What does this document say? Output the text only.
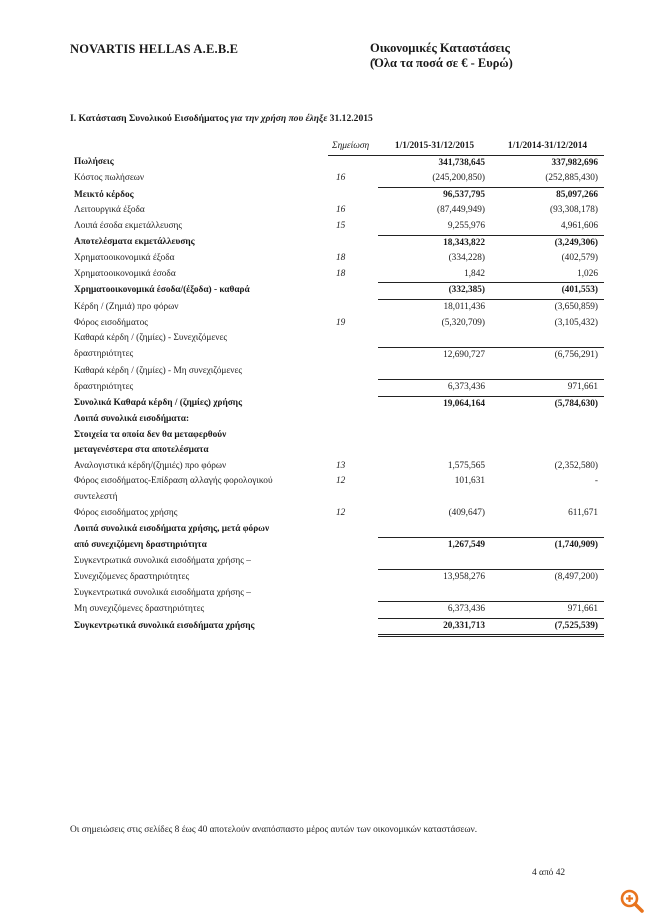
NOVARTIS HELLAS A.E.B.E	Οικονομικές Καταστάσεις
(Όλα τα ποσά σε € - Ευρώ)
I. Κατάσταση Συνολικού Εισοδήματος για την χρήση που έληξε 31.12.2015
	Σημείωση	1/1/2015-31/12/2015	1/1/2014-31/12/2014
Πωλήσεις		341,738,645	337,982,696
Κόστος πωλήσεων	16	(245,200,850)	(252,885,430)
Μεικτό κέρδος		96,537,795	85,097,266
Λειτουργικά έξοδα	16	(87,449,949)	(93,308,178)
Λοιπά έσοδα εκμετάλλευσης	15	9,255,976	4,961,606
Αποτελέσματα εκμετάλλευσης		18,343,822	(3,249,306)
Χρηματοοικονομικά έξοδα	18	(334,228)	(402,579)
Χρηματοοικονομικά έσοδα	18	1,842	1,026
Χρηματοοικονομικά έσοδα/(έξοδα) - καθαρά		(332,385)	(401,553)
Κέρδη / (Ζημιά) προ φόρων		18,011,436	(3,650,859)
Φόρος εισοδήματος	19	(5,320,709)	(3,105,432)
Καθαρά κέρδη / (ζημίες) - Συνεχιζόμενες			
δραστηριότητες		12,690,727	(6,756,291)
Καθαρά κέρδη / (ζημίες) - Μη συνεχιζόμενες			
δραστηριότητες		6,373,436	971,661
Συνολικά Καθαρά κέρδη / (ζημίες) χρήσης		19,064,164	(5,784,630)
Λοιπά συνολικά εισοδήματα:			
Στοιχεία τα οποία δεν θα μεταφερθούν			
μεταγενέστερα στα αποτελέσματα			
Αναλογιστικά κέρδη/(ζημιές) προ φόρων	13	1,575,565	(2,352,580)
Φόρος εισοδήματος-Επίδραση αλλαγής φορολογικού	12	101,631	-
συντελεστή			
Φόρος εισοδήματος χρήσης	12	(409,647)	611,671
Λοιπά συνολικά εισοδήματα χρήσης, μετά φόρων			
από συνεχιζόμενη δραστηριότητα		1,267,549	(1,740,909)
Συγκεντρωτικά συνολικά εισοδήματα χρήσης –			
Συνεχιζόμενες δραστηριότητες		13,958,276	(8,497,200)
Συγκεντρωτικά συνολικά εισοδήματα χρήσης –			
Μη συνεχιζόμενες δραστηριότητες		6,373,436	971,661
Συγκεντρωτικά συνολικά εισοδήματα χρήσης		20,331,713	(7,525,539)
Οι σημειώσεις στις σελίδες 8 έως 40 αποτελούν αναπόσπαστο μέρος αυτών των οικονομικών καταστάσεων.
4 από 42
